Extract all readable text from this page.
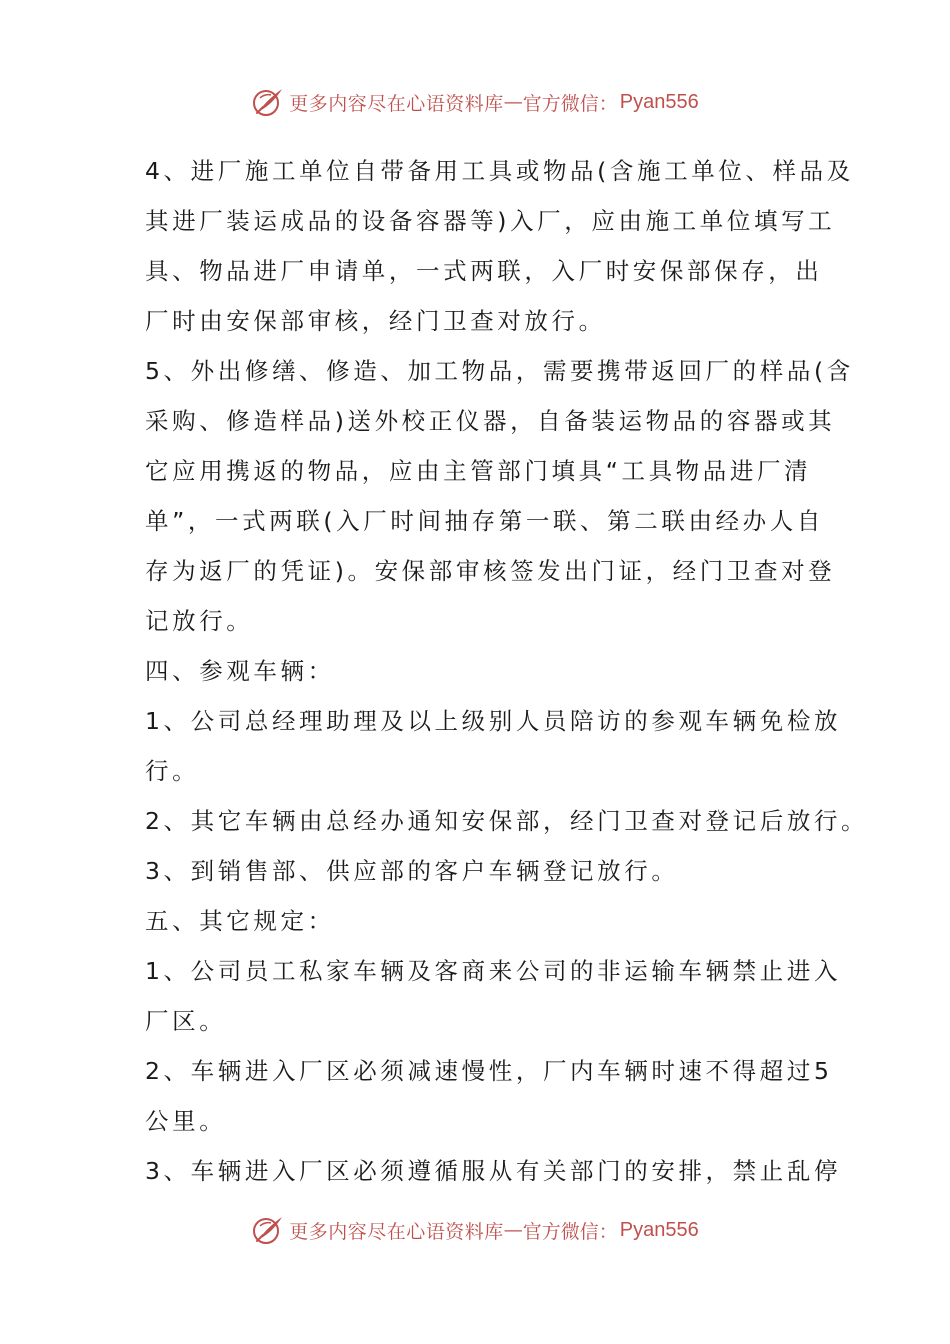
更多内容尽在心语资料库 — 官方微信： Pyan556
4、进厂施工单位自带备用工具或物品(含施工单位、样品及
其进厂装运成品的设备容器等)入厂，应由施工单位填写工
具、物品进厂申请单，一式两联，入厂时安保部保存，出
厂时由安保部审核，经门卫查对放行。
5、外出修缮、修造、加工物品，需要携带返回厂的样品(含
采购、修造样品)送外校正仪器，自备装运物品的容器或其
它应用携返的物品，应由主管部门填具“工具物品进厂清
单”，一式两联(入厂时间抽存第一联、第二联由经办人自
存为返厂的凭证)。安保部审核签发出门证，经门卫查对登
记放行。
四、参观车辆：
1、公司总经理助理及以上级别人员陪访的参观车辆免检放
行。
2、其它车辆由总经办通知安保部，经门卫查对登记后放行。
3、到销售部、供应部的客户车辆登记放行。
五、其它规定：
1、公司员工私家车辆及客商来公司的非运输车辆禁止进入
厂区。
2、车辆进入厂区必须减速慢性，厂内车辆时速不得超过5
公里。
3、车辆进入厂区必须遵循服从有关部门的安排，禁止乱停
更多内容尽在心语资料库 — 官方微信： Pyan556
